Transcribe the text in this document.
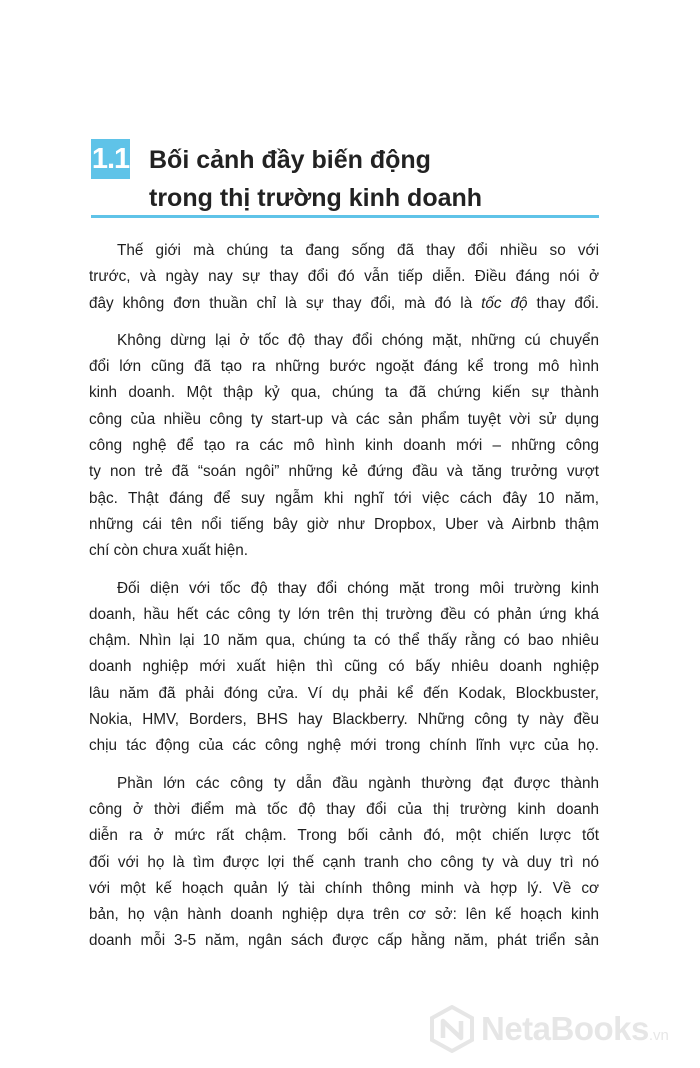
1.1 Bối cảnh đầy biến động
trong thị trường kinh doanh

Thế giới mà chúng ta đang sống đã thay đổi nhiều so với
trước, và ngày nay sự thay đổi đó vẫn tiếp diễn. Điều đáng nói ở
đây không đơn thuần chỉ là sự thay đổi, mà đó là tốc độ thay đổi.

Không dừng lại ở tốc độ thay đổi chóng mặt, những cú chuyển
đổi lớn cũng đã tạo ra những bước ngoặt đáng kể trong mô hình
kinh doanh. Một thập kỷ qua, chúng ta đã chứng kiến sự thành
công của nhiều công ty start-up và các sản phẩm tuyệt vời sử dụng
công nghệ để tạo ra các mô hình kinh doanh mới – những công
ty non trẻ đã “soán ngôi” những kẻ đứng đầu và tăng trưởng vượt
bậc. Thật đáng để suy ngẫm khi nghĩ tới việc cách đây 10 năm,
những cái tên nổi tiếng bây giờ như Dropbox, Uber và Airbnb thậm
chí còn chưa xuất hiện.

Đối diện với tốc độ thay đổi chóng mặt trong môi trường kinh
doanh, hầu hết các công ty lớn trên thị trường đều có phản ứng khá
chậm. Nhìn lại 10 năm qua, chúng ta có thể thấy rằng có bao nhiêu
doanh nghiệp mới xuất hiện thì cũng có bấy nhiêu doanh nghiệp
lâu năm đã phải đóng cửa. Ví dụ phải kể đến Kodak, Blockbuster,
Nokia, HMV, Borders, BHS hay Blackberry. Những công ty này đều
chịu tác động của các công nghệ mới trong chính lĩnh vực của họ.

Phần lớn các công ty dẫn đầu ngành thường đạt được thành
công ở thời điểm mà tốc độ thay đổi của thị trường kinh doanh
diễn ra ở mức rất chậm. Trong bối cảnh đó, một chiến lược tốt
đối với họ là tìm được lợi thế cạnh tranh cho công ty và duy trì nó
với một kế hoạch quản lý tài chính thông minh và hợp lý. Về cơ
bản, họ vận hành doanh nghiệp dựa trên cơ sở: lên kế hoạch kinh
doanh mỗi 3-5 năm, ngân sách được cấp hằng năm, phát triển sản

NetaBooks.vn
